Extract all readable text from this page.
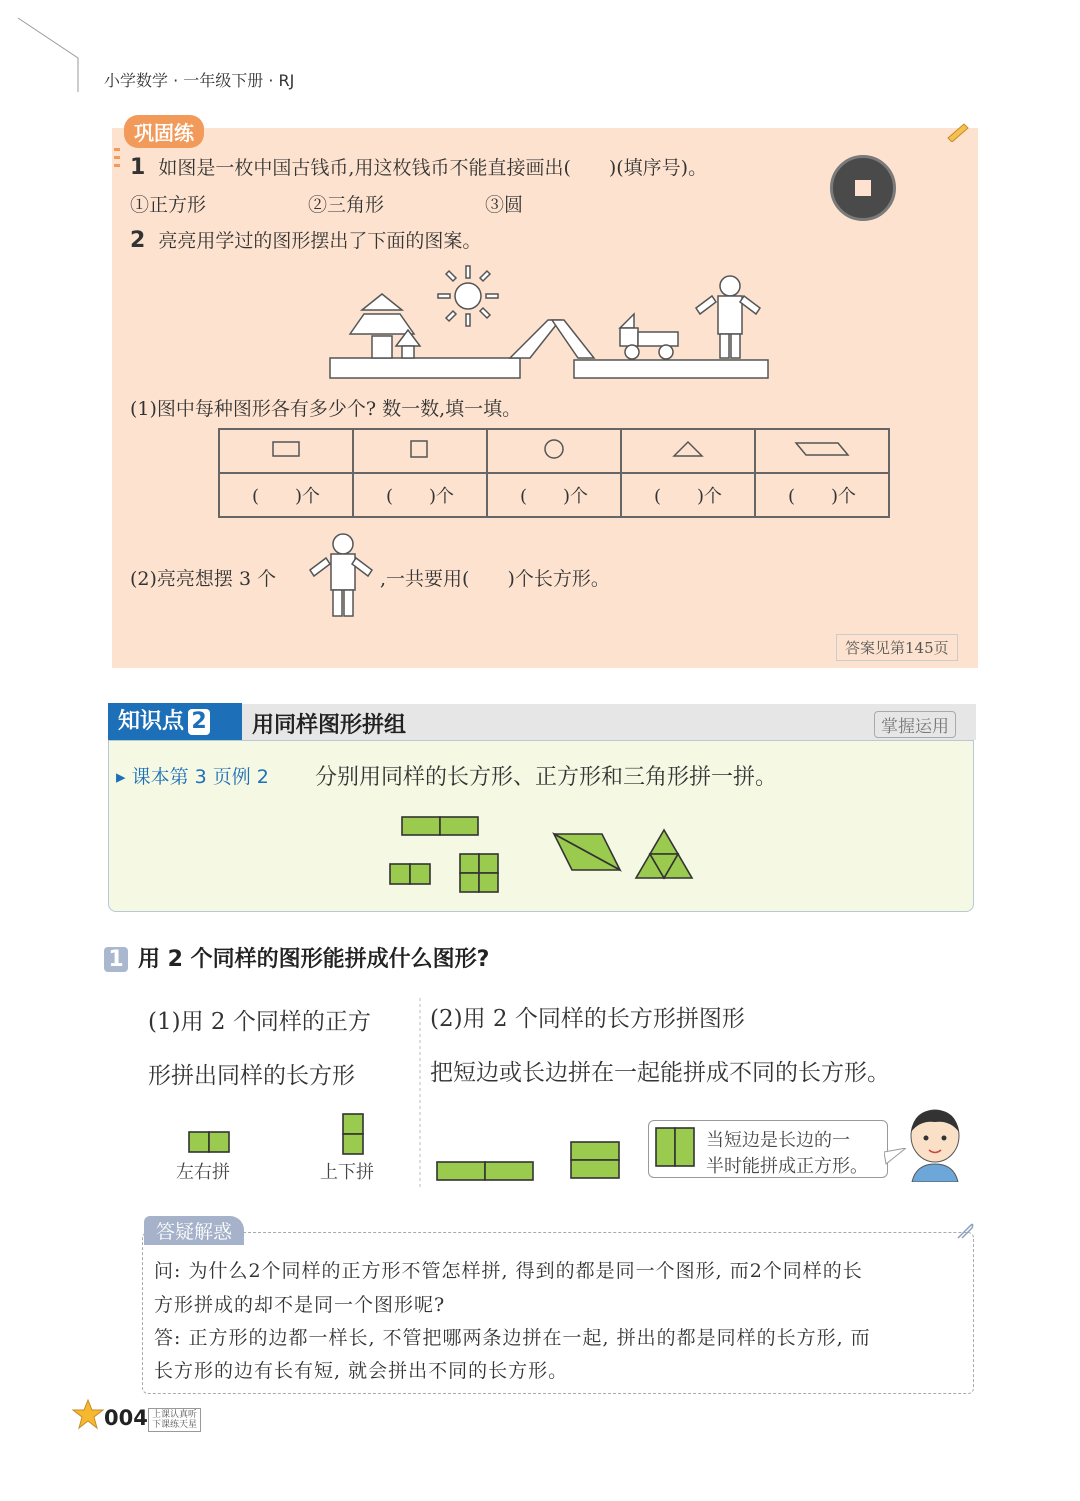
小学数学 · 一年级下册 · RJ
巩固练
1 如图是一枚中国古钱币,用这枚钱币不能直接画出(　　)(填序号)。
①正方形	②三角形	③圆
2 亮亮用学过的图形摆出了下面的图案。
(1)图中每种图形各有多少个? 数一数,填一填。

(　　)个	(　　)个	(　　)个	(　　)个	(　　)个
(2)亮亮想摆 3 个	,一共要用(　　)个长方形。
答案见第145页
知识点 2	用同样图形拼组	掌握运用
▸ 课本第 3 页例 2 分别用同样的长方形、正方形和三角形拼一拼。
1 用 2 个同样的图形能拼成什么图形?
(1)用 2 个同样的正方
形拼出同样的长方形
(2)用 2 个同样的长方形拼图形
把短边或长边拼在一起能拼成不同的长方形。
左右拼	上下拼
当短边是长边的一
半时能拼成正方形。
答疑解惑
问: 为什么2个同样的正方形不管怎样拼, 得到的都是同一个图形, 而2个同样的长
方形拼成的却不是同一个图形呢?
答: 正方形的边都一样长, 不管把哪两条边拼在一起, 拼出的都是同样的长方形, 而
长方形的边有长有短, 就会拼出不同的长方形。
004 上课认真听
下课练天星
